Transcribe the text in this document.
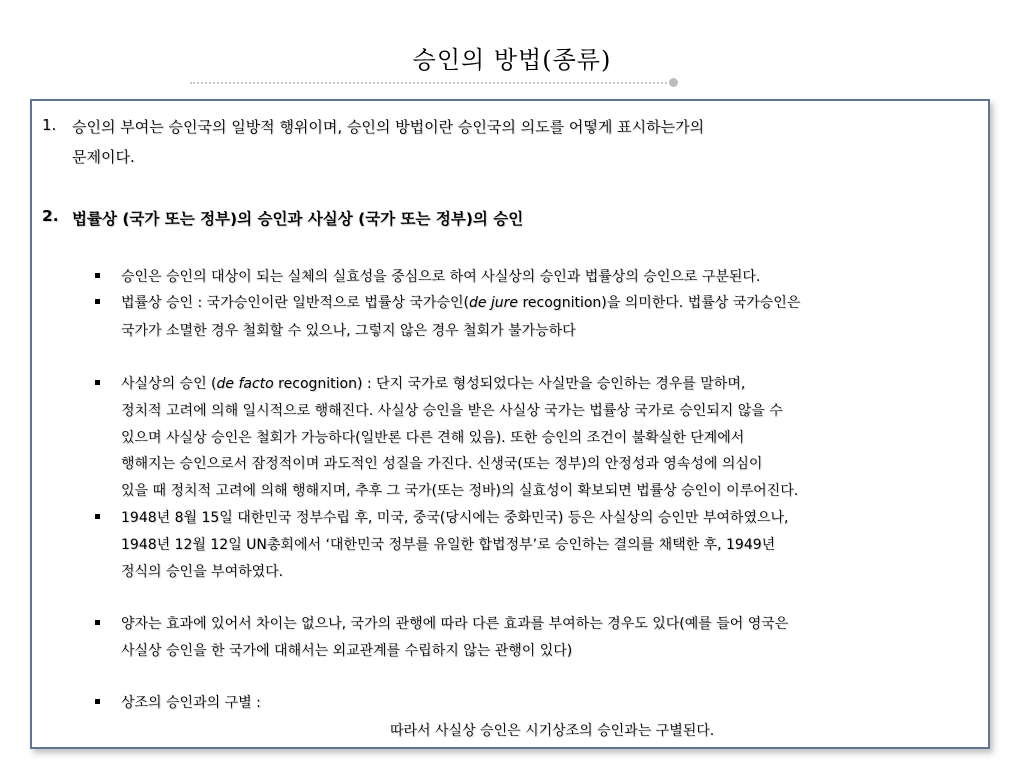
승인의 방법(종류)
1. 승인의 부여는 승인국의 일방적 행위이며, 승인의 방법이란 승인국의 의도를 어떻게 표시하는가의
문제이다.
2. 법률상 (국가 또는 정부)의 승인과 사실상 (국가 또는 정부)의 승인
승인은 승인의 대상이 되는 실체의 실효성을 중심으로 하여 사실상의 승인과 법률상의 승인으로 구분된다.
법률상 승인 : 국가승인이란 일반적으로 법률상 국가승인(de jure recognition)을 의미한다. 법률상 국가승인은
국가가 소멸한 경우 철회할 수 있으나, 그렇지 않은 경우 철회가 불가능하다
사실상의 승인 (de facto recognition) : 단지 국가로 형성되었다는 사실만을 승인하는 경우를 말하며,
정치적 고려에 의해 일시적으로 행해진다. 사실상 승인을 받은 사실상 국가는 법률상 국가로 승인되지 않을 수
있으며 사실상 승인은 철회가 가능하다(일반론 다른 견해 있음). 또한 승인의 조건이 불확실한 단계에서
행해지는 승인으로서 잠정적이며 과도적인 성질을 가진다. 신생국(또는 정부)의 안정성과 영속성에 의심이
있을 때 정치적 고려에 의해 행해지며, 추후 그 국가(또는 정바)의 실효성이 확보되면 법률상 승인이 이루어진다.
1948년 8월 15일 대한민국 정부수립 후, 미국, 중국(당시에는 중화민국) 등은 사실상의 승인만 부여하였으나,
1948년 12월 12일 UN총회에서 ‘대한민국 정부를 유일한 합법정부’로 승인하는 결의를 채택한 후, 1949년
정식의 승인을 부여하였다.
양자는 효과에 있어서 차이는 없으나, 국가의 관행에 따라 다른 효과를 부여하는 경우도 있다(예를 들어 영국은
사실상 승인을 한 국가에 대해서는 외교관계를 수립하지 않는 관행이 있다)
상조의 승인과의 구별 :
따라서 사실상 승인은 시기상조의 승인과는 구별된다.
